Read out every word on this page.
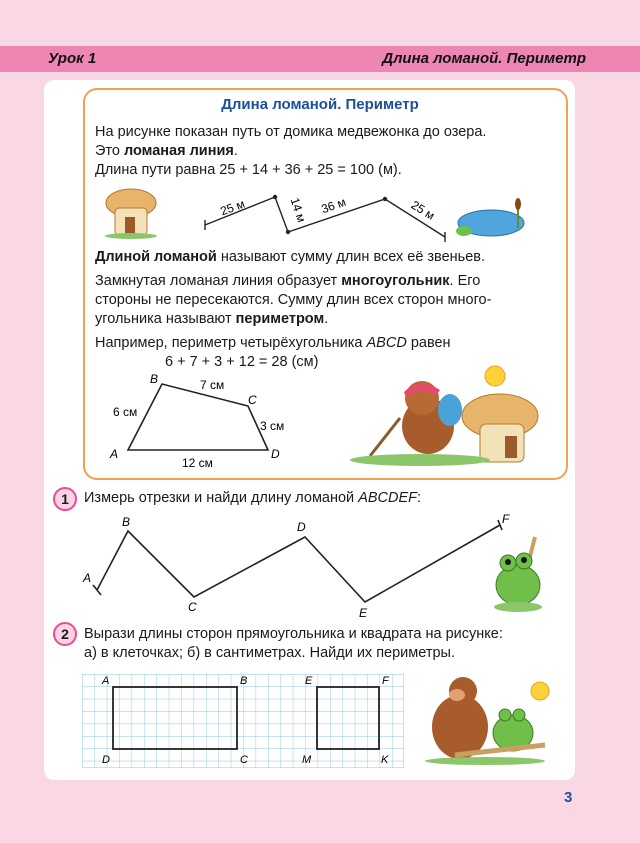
Урок 1	Длина ломаной. Периметр
Длина ломаной. Периметр
На рисунке показан путь от домика медвежонка до озера.
Это ломаная линия.
Длина пути равна 25 + 14 + 36 + 25 = 100 (м).
25 м	14 м 36 м	25 м
Длиной ломаной называют сумму длин всех её звеньев.
Замкнутая ломаная линия образует многоугольник. Его
стороны не пересекаются. Сумму длин всех сторон много-
угольника называют периметром.
Например, периметр четырёхугольника ABCD равен
6 + 7 + 3 + 12 = 28 (см)
A
B
C
D
7 см
6 см
3 см
12 см
1	Измерь отрезки и найди длину ломаной ABCDEF:
A
B
C
D
E
F
2	Вырази длины сторон прямоугольника и квадрата на рисунке:
а) в клеточках; б) в сантиметрах. Найди их периметры.
A	B
D	C
E	F
M	K
3
